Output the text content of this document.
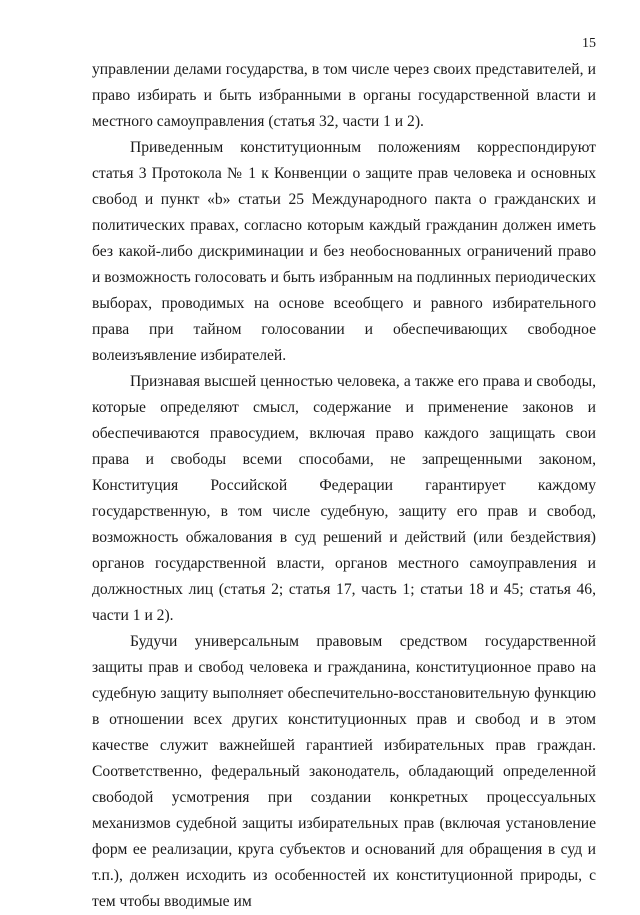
15

управлении делами государства, в том числе через своих представителей, и право избирать и быть избранными в органы государственной власти и местного самоуправления (статья 32, части 1 и 2).

Приведенным конституционным положениям корреспондируют статья 3 Протокола № 1 к Конвенции о защите прав человека и основных свобод и пункт «b» статьи 25 Международного пакта о гражданских и политических правах, согласно которым каждый гражданин должен иметь без какой-либо дискриминации и без необоснованных ограничений право и возможность голосовать и быть избранным на подлинных периодических выборах, проводимых на основе всеобщего и равного избирательного права при тайном голосовании и обеспечивающих свободное волеизъявление избирателей.

Признавая высшей ценностью человека, а также его права и свободы, которые определяют смысл, содержание и применение законов и обеспечиваются правосудием, включая право каждого защищать свои права и свободы всеми способами, не запрещенными законом, Конституция Российской Федерации гарантирует каждому государственную, в том числе судебную, защиту его прав и свобод, возможность обжалования в суд решений и действий (или бездействия) органов государственной власти, органов местного самоуправления и должностных лиц (статья 2; статья 17, часть 1; статьи 18 и 45; статья 46, части 1 и 2).

Будучи универсальным правовым средством государственной защиты прав и свобод человека и гражданина, конституционное право на судебную защиту выполняет обеспечительно-восстановительную функцию в отношении всех других конституционных прав и свобод и в этом качестве служит важнейшей гарантией избирательных прав граждан. Соответственно, федеральный законодатель, обладающий определенной свободой усмотрения при создании конкретных процессуальных механизмов судебной защиты избирательных прав (включая установление форм ее реализации, круга субъектов и оснований для обращения в суд и т.п.), должен исходить из особенностей их конституционной природы, с тем чтобы вводимые им
